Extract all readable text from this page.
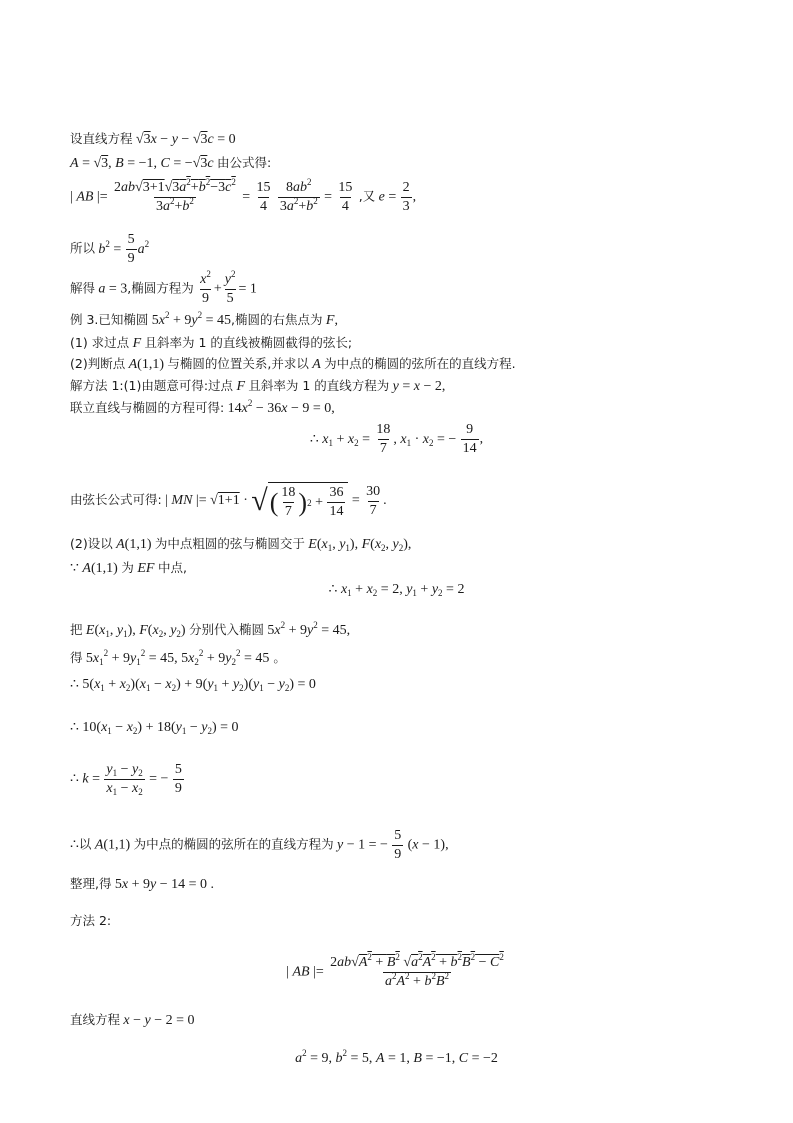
设直线方程 √3x − y − √3c = 0
A = √3, B = −1, C = −√3c 由公式得:
| AB |= $\frac{2ab√3+1√3a^2+b^2-3c^2}{3a^2+b^2} = \frac{15}{4}$
$\frac{8ab^2}{3a^2+b^2} = \frac{15}{4}$ ,又 $e = \frac{2}{3}$ ,
所以 $b^2 = \frac{5}{9} a^2$
解得 a = 3,椭圆方程为 $\frac{x^2}{9} + \frac{y^2}{5} = 1$
例 3.已知椭圆 $5x^2 + 9y^2 = 45$,椭圆的右焦点为 F,
(1) 求过点 F 且斜率为 1 的直线被椭圆截得的弦长;
(2)判断点 A(1,1) 与椭圆的位置关系,并求以 A 为中点的椭圆的弦所在的直线方程.
解方法 1:(1)由题意可得:过点 F 且斜率为 1 的直线方程为 y = x − 2,
联立直线与椭圆的方程可得: $14x^2 - 36x - 9 = 0$,
∴ $x_1 + x_2 = \frac{18}{7}$ , $x_1 \cdot x_2$ = − $\frac{9}{14}$ ,
由弦长公式可得: | MN |= √1+1 · √ ( 18
7 ) 2 +
36
14
= $\frac{30}{7}$ .
(2)设以 A(1,1) 为中点粗圆的弦与椭圆交于 $E(x_1$, $y_1$), $F(x_2$, $y_2$),
∵ A(1,1) 为 EF 中点,
∴ $x_1 + x_2 = 2$, $y_1 + y_2 = 2$
把 $E(x_1$, $y_1$), $F(x_2$, $y_2$) 分别代入椭圆 $5x^2 + 9y^2 = 45$,
得 $5x_1^2 + 9y_1^2 = 45$, $5x_2^2 + 9y_2^2 = 45$ 。
∴ $5(x_1 + x_2)(x_1 - x_2) + 9(y_1 + y_2)(y_1 - y_2) = 0$
∴ $10(x_1 - x_2) + 18(y_1 - y_2) = 0$
∴ $k = \frac{y_1 - y_2}{x_1 - x_2}$ = − $\frac{5}{9}$
∴以 A(1,1) 为中点的椭圆的弦所在的直线方程为 y − 1 = − $\frac{5}{9} (x - 1)$,
整理,得 5x + 9y − 14 = 0 .
方法 2:
| AB |= $\frac{2ab√A^2 + B^2 √a^2A^2 + b^2B^2 - C^2}{a^2A^2 + b^2B^2}$
直线方程 x − y − 2 = 0
$a^2 = 9$, $b^2 = 5$, A = 1, B = −1, C = −2
